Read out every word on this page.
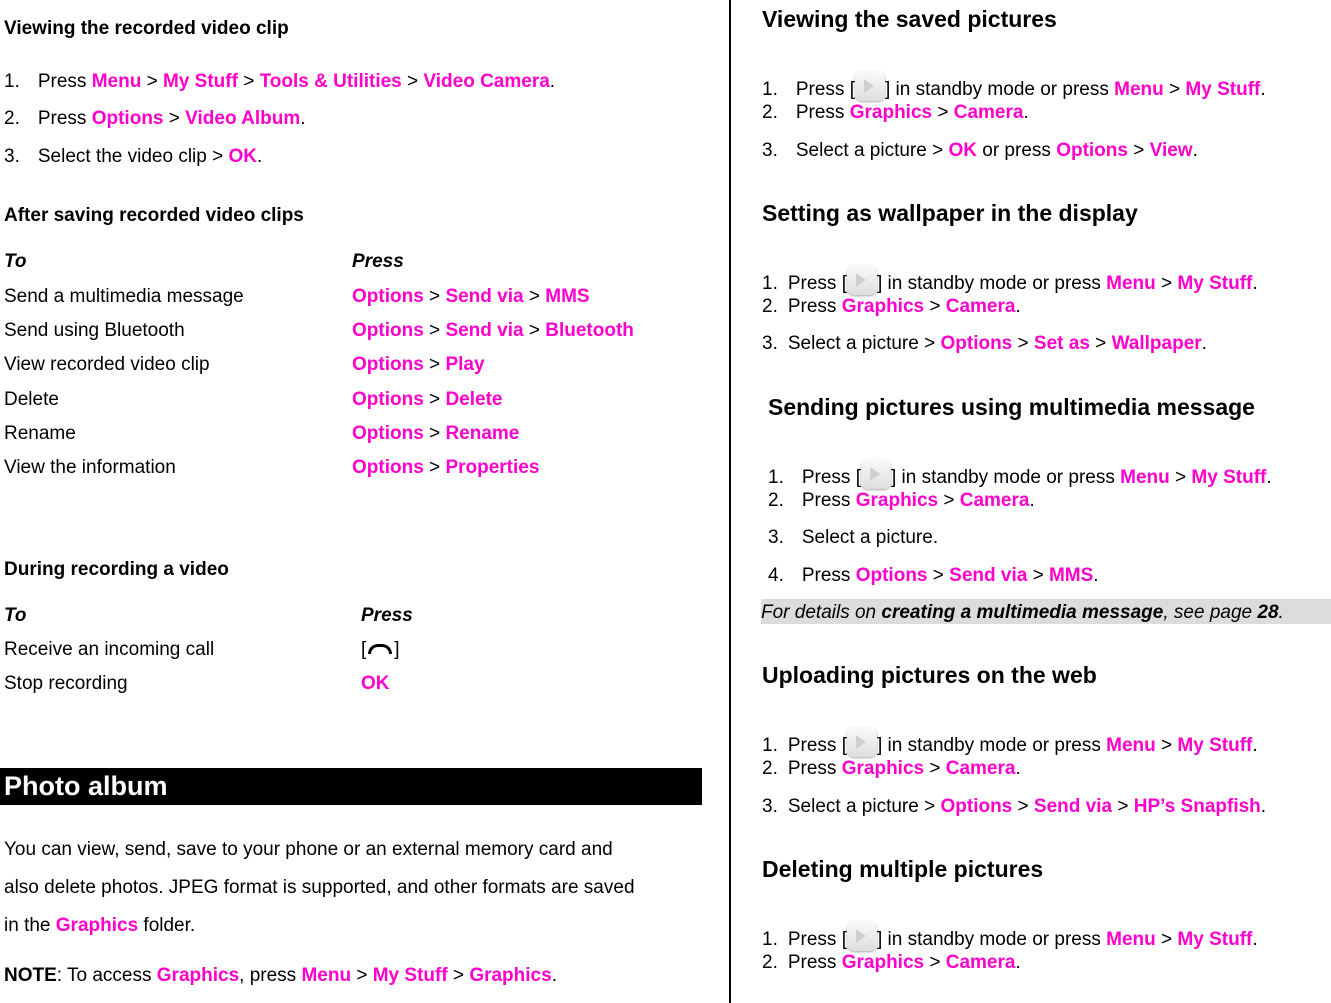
Viewing the recorded video clip
1. Press Menu > My Stuff > Tools & Utilities > Video Camera.
2. Press Options > Video Album.
3. Select the video clip > OK.
After saving recorded video clips
To	Press
Send a multimedia message	Options > Send via > MMS
Send using Bluetooth	Options > Send via > Bluetooth
View recorded video clip	Options > Play
Delete	Options > Delete
Rename	Options > Rename
View the information	Options > Properties
During recording a video
To	Press
Receive an incoming call	[ ]
Stop recording	OK
Photo album
You can view, send, save to your phone or an external memory card and
also delete photos. JPEG format is supported, and other formats are saved
in the Graphics folder.
NOTE: To access Graphics, press Menu > My Stuff > Graphics.
Viewing the saved pictures
1. Press [ ] in standby mode or press Menu > My Stuff.
2. Press Graphics > Camera.
3. Select a picture > OK or press Options > View.
Setting as wallpaper in the display
1. Press [ ] in standby mode or press Menu > My Stuff.
2. Press Graphics > Camera.
3. Select a picture > Options > Set as > Wallpaper.
Sending pictures using multimedia message
1. Press [ ] in standby mode or press Menu > My Stuff.
2. Press Graphics > Camera.
3. Select a picture.
4. Press Options > Send via > MMS.
For details on creating a multimedia message, see page 28.
Uploading pictures on the web
1. Press [ ] in standby mode or press Menu > My Stuff.
2. Press Graphics > Camera.
3. Select a picture > Options > Send via > HP’s Snapfish.
Deleting multiple pictures
1. Press [ ] in standby mode or press Menu > My Stuff.
2. Press Graphics > Camera.
